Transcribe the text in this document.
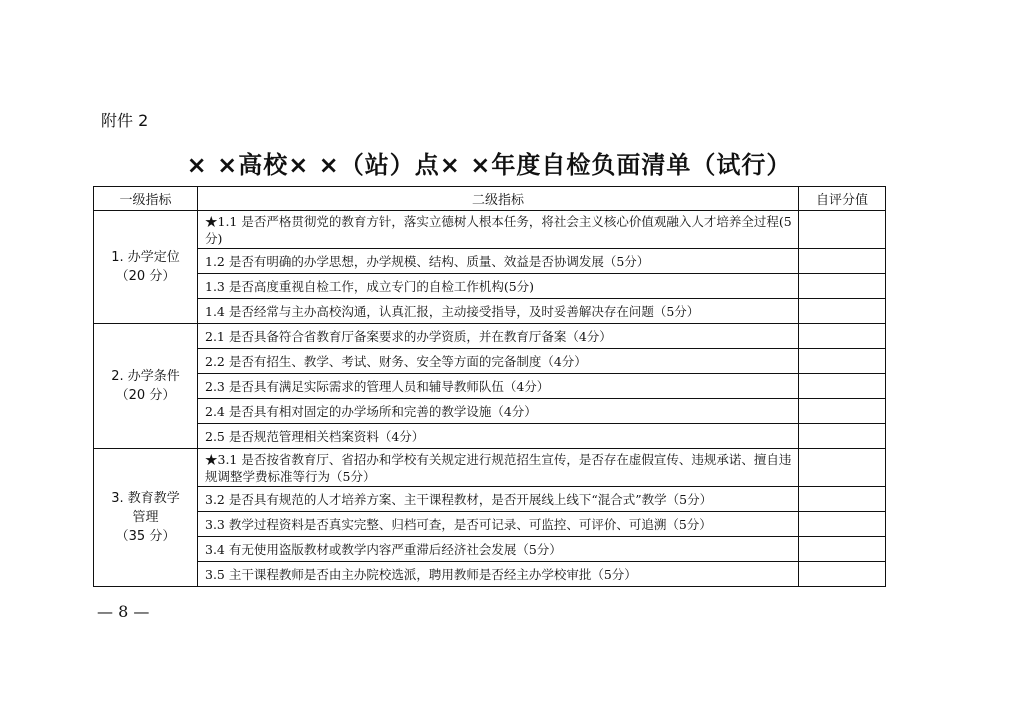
附件 2
× ×高校× ×（站）点× ×年度自检负面清单（试行）
一级指标	二级指标	自评分值

1. 办学定位
（20 分）	★1.1 是否严格贯彻党的教育方针，落实立德树人根本任务，将社会主义核心价值观融入人才培养全过程(5分)	
	1.2 是否有明确的办学思想，办学规模、结构、质量、效益是否协调发展（5分）	
	1.3 是否高度重视自检工作，成立专门的自检工作机构(5分)	
	1.4 是否经常与主办高校沟通，认真汇报，主动接受指导，及时妥善解决存在问题（5分）	

2. 办学条件
（20 分）	2.1 是否具备符合省教育厅备案要求的办学资质，并在教育厅备案（4分）	
	2.2 是否有招生、教学、考试、财务、安全等方面的完备制度（4分）	
	2.3 是否具有满足实际需求的管理人员和辅导教师队伍（4分）	
	2.4 是否具有相对固定的办学场所和完善的教学设施（4分）	
	2.5 是否规范管理相关档案资料（4分）	

3. 教育教学
管理
（35 分）	★3.1 是否按省教育厅、省招办和学校有关规定进行规范招生宣传，是否存在虚假宣传、违规承诺、擅自违规调整学费标准等行为（5分）	
	3.2 是否具有规范的人才培养方案、主干课程教材，是否开展线上线下“混合式”教学（5分）	
	3.3 教学过程资料是否真实完整、归档可查，是否可记录、可监控、可评价、可追溯（5分）	
	3.4 有无使用盗版教材或教学内容严重滞后经济社会发展（5分）	
	3.5 主干课程教师是否由主办院校选派，聘用教师是否经主办学校审批（5分）	
— 8 —
